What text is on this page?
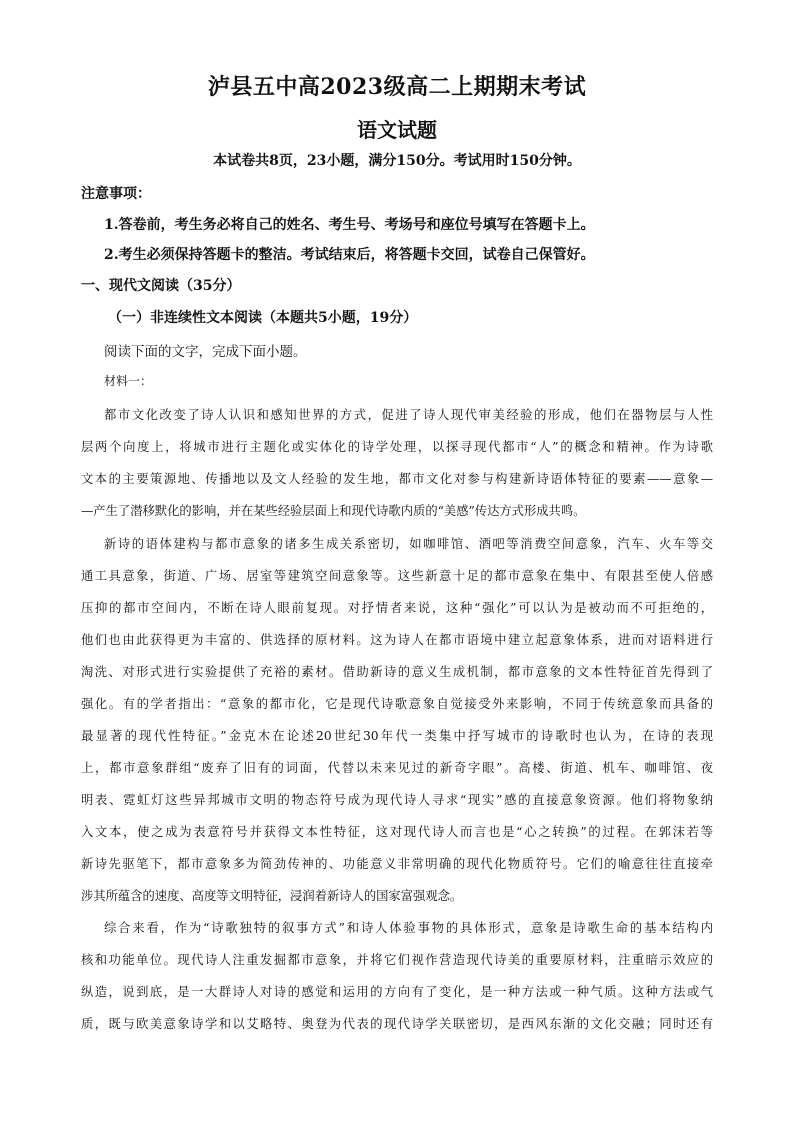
泸县五中高2023级高二上期期末考试
语文试题
本试卷共8页，23小题，满分150分。考试用时150分钟。
注意事项：
1.答卷前，考生务必将自己的姓名、考生号、考场号和座位号填写在答题卡上。
2.考生必须保持答题卡的整洁。考试结束后，将答题卡交回，试卷自己保管好。
一、现代文阅读（35分）
（一）非连续性文本阅读（本题共5小题，19分）
阅读下面的文字，完成下面小题。
材料一：
都市文化改变了诗人认识和感知世界的方式，促进了诗人现代审美经验的形成，他们在器物层与人性
层两个向度上，将城市进行主题化或实体化的诗学处理，以探寻现代都市“人”的概念和精神。作为诗歌
文本的主要策源地、传播地以及文人经验的发生地，都市文化对参与构建新诗语体特征的要素——意象—
—产生了潜移默化的影响，并在某些经验层面上和现代诗歌内质的“美感”传达方式形成共鸣。
新诗的语体建构与都市意象的诸多生成关系密切，如咖啡馆、酒吧等消费空间意象，汽车、火车等交
通工具意象，街道、广场、居室等建筑空间意象等。这些新意十足的都市意象在集中、有限甚至使人倍感
压抑的都市空间内，不断在诗人眼前复现。对抒情者来说，这种“强化”可以认为是被动而不可拒绝的，
他们也由此获得更为丰富的、供选择的原材料。这为诗人在都市语境中建立起意象体系，进而对语料进行
淘洗、对形式进行实验提供了充裕的素材。借助新诗的意义生成机制，都市意象的文本性特征首先得到了
强化。有的学者指出：“意象的都市化，它是现代诗歌意象自觉接受外来影响，不同于传统意象而具备的
最显著的现代性特征。”金克木在论述20世纪30年代一类集中抒写城市的诗歌时也认为，在诗的表现
上，都市意象群组“废弃了旧有的词面，代替以未来见过的新奇字眼”。高楼、街道、机车、咖啡馆、夜
明表、霓虹灯这些异邦城市文明的物态符号成为现代诗人寻求“现实”感的直接意象资源。他们将物象纳
入文本，使之成为表意符号并获得文本性特征，这对现代诗人而言也是“心之转换”的过程。在郭沫若等
新诗先驱笔下，都市意象多为简劲传神的、功能意义非常明确的现代化物质符号。它们的喻意往往直接牵
涉其所蕴含的速度、高度等文明特征，浸润着新诗人的国家富强观念。
综合来看，作为“诗歌独特的叙事方式”和诗人体验事物的具体形式，意象是诗歌生命的基本结构内
核和功能单位。现代诗人注重发掘都市意象，并将它们视作营造现代诗美的重要原材料，注重暗示效应的
纵造，说到底，是一大群诗人对诗的感觉和运用的方向有了变化，是一种方法或一种气质。这种方法或气
质，既与欧美意象诗学和以艾略特、奥登为代表的现代诗学关联密切，是西风东渐的文化交融；同时还有
